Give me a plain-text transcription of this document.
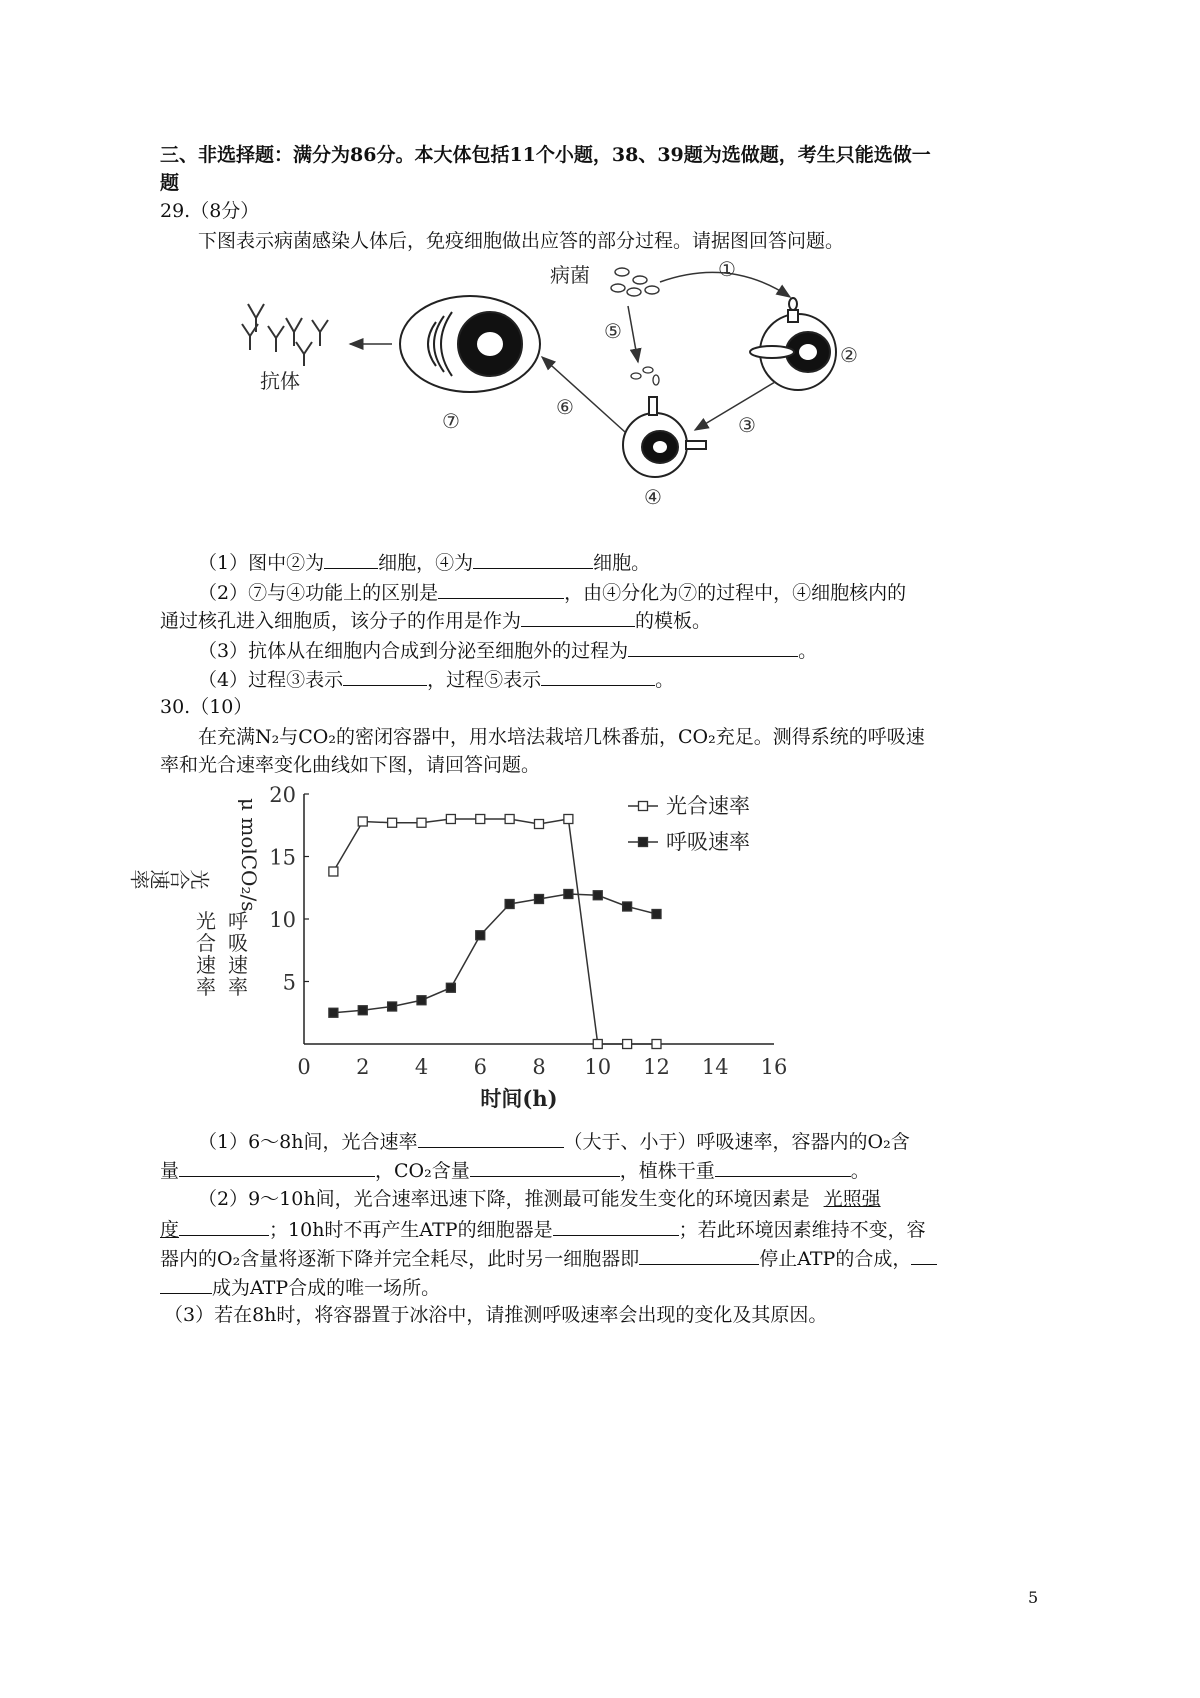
三、非选择题：满分为86分。本大体包括11个小题，38、39题为选做题，考生只能选做一
题
29.（8分）
下图表示病菌感染人体后，免疫细胞做出应答的部分过程。请据图回答问题。
病菌	①
②
⑤
③
④
⑥
⑦
抗体
（1）图中②为	细胞，④为	细胞。
（2）⑦与④功能上的区别是	，由④分化为⑦的过程中，④细胞核内的
通过核孔进入细胞质，该分子的作用是作为	的模板。
（3）抗体从在细胞内合成到分泌至细胞外的过程为	。
（4）过程③表示	，过程⑤表示	。
30.（10）
在充满N₂与CO₂的密闭容器中，用水培法栽培几株番茄，CO₂充足。测得系统的呼吸速
率和光合速率变化曲线如下图，请回答问题。
0 2 4 6 8 10 12 14 16
5
10
15
20
时间(h)
光合速率
呼吸速率
μ molCO₂/s	光合速率
呼吸速率
光合速率
（1）6～8h间，光合速率	（大于、小于）呼吸速率，容器内的O₂含
量	，CO₂含量	，植株干重	。
（2）9～10h间，光合速率迅速下降，推测最可能发生变化的环境因素是 光照强
度	；10h时不再产生ATP的细胞器是	；若此环境因素维持不变，容
器内的O₂含量将逐渐下降并完全耗尽，此时另一细胞器即	停止ATP的合成，
成为ATP合成的唯一场所。
（3）若在8h时，将容器置于冰浴中，请推测呼吸速率会出现的变化及其原因。
5
